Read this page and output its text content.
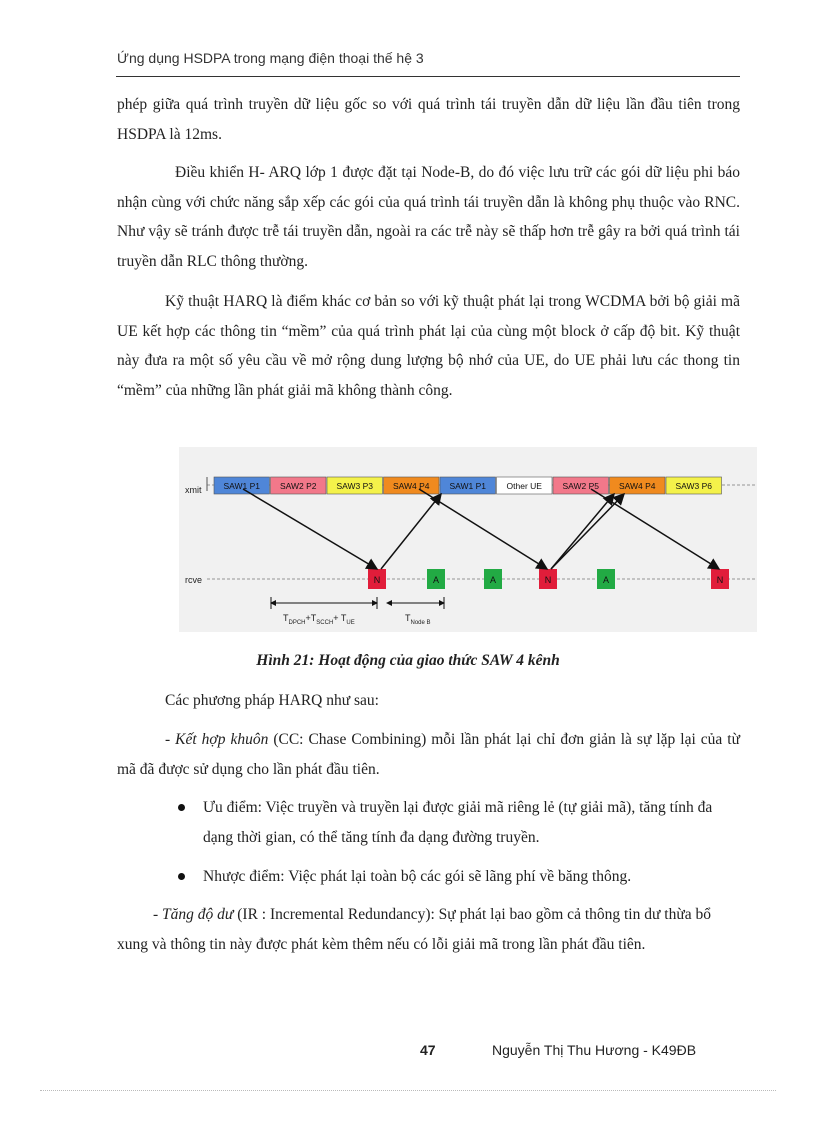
Ứng dụng HSDPA trong mạng điện thoại thế hệ 3
phép giữa quá trình truyền dữ liệu gốc so với quá trình tái truyền dẫn dữ liệu lần đầu tiên trong HSDPA là 12ms.
Điều khiển H- ARQ lớp 1 được đặt tại Node-B, do đó việc lưu trữ các gói dữ liệu phi báo nhận cùng với chức năng sắp xếp các gói của quá trình tái truyền dẫn là không phụ thuộc vào RNC. Như vậy sẽ tránh được trễ tái truyền dẫn, ngoài ra các trễ này sẽ thấp hơn trễ gây ra bởi quá trình tái truyền dẫn RLC thông thường.
Kỹ thuật HARQ là điểm khác cơ bản so với kỹ thuật phát lại trong WCDMA bởi bộ giải mã UE kết hợp các thông tin “mềm” của quá trình phát lại của cùng một block ở cấp độ bit. Kỹ thuật này đưa ra một số yêu cầu về mở rộng dung lượng bộ nhớ của UE, do UE phải lưu các thong tin “mềm” của những lần phát giải mã không thành công.
xmit
rcve
SAW1 P1 SAW2 P2 SAW3 P3 SAW4 P4 SAW1 P1 Other UE SAW2 P5 SAW4 P4 SAW3 P6
N	A	A	N	A	N
$T_{DPCH}+T_{SCCH}+ T_{UE}$	$T_{Node B}$
Hình 21: Hoạt động của giao thức SAW 4 kênh
Các phương pháp HARQ như sau:
- Kết hợp khuôn (CC: Chase Combining) mỗi lần phát lại chỉ đơn giản là sự lặp lại của từ mã đã được sử dụng cho lần phát đầu tiên.
Ưu điểm: Việc truyền và truyền lại được giải mã riêng lẻ (tự giải mã), tăng tính đa dạng thời gian, có thể tăng tính đa dạng đường truyền.
Nhược điểm: Việc phát lại toàn bộ các gói sẽ lãng phí về băng thông.
- Tăng độ dư (IR : Incremental Redundancy): Sự phát lại bao gồm cả thông tin dư thừa bổ xung và thông tin này được phát kèm thêm nếu có lỗi giải mã trong lần phát đầu tiên.
47	Nguyễn Thị Thu Hương - K49ĐB
